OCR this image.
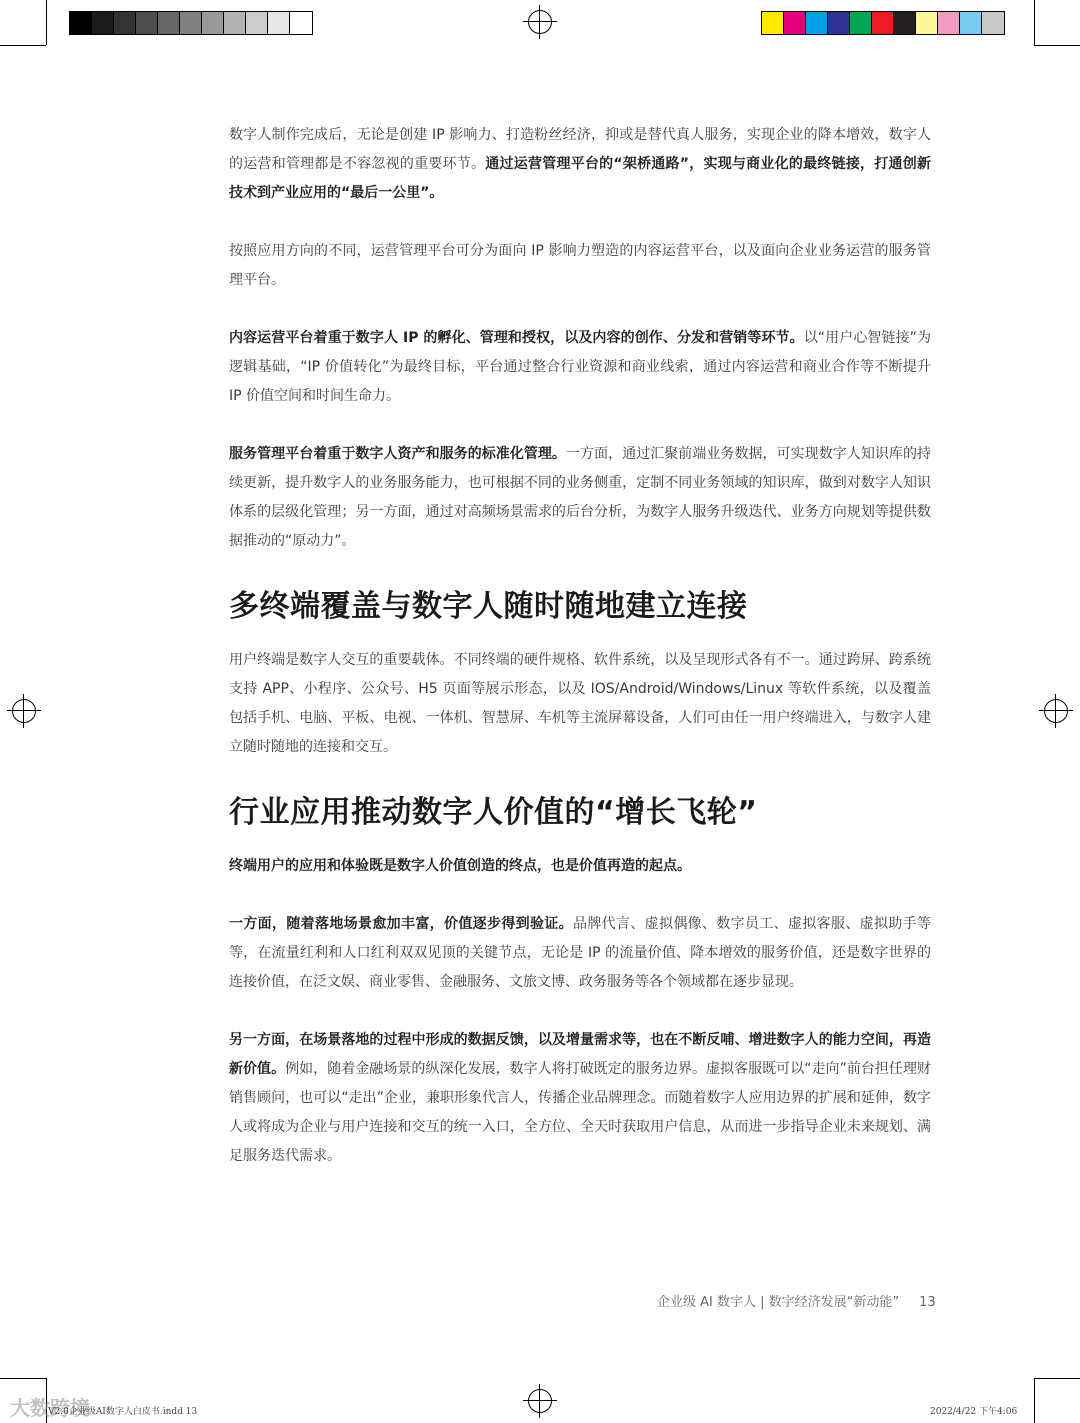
数字人制作完成后，无论是创建 IP 影响力、打造粉丝经济，抑或是替代真人服务，实现企业的降本增效，数字人的运营和管理都是不容忽视的重要环节。通过运营管理平台的“架桥通路”，实现与商业化的最终链接，打通创新技术到产业应用的“最后一公里”。

按照应用方向的不同，运营管理平台可分为面向 IP 影响力塑造的内容运营平台，以及面向企业业务运营的服务管理平台。

内容运营平台着重于数字人 IP 的孵化、管理和授权，以及内容的创作、分发和营销等环节。以“用户心智链接”为逻辑基础，“IP 价值转化”为最终目标，平台通过整合行业资源和商业线索，通过内容运营和商业合作等不断提升 IP 价值空间和时间生命力。

服务管理平台着重于数字人资产和服务的标准化管理。一方面，通过汇聚前端业务数据，可实现数字人知识库的持续更新，提升数字人的业务服务能力，也可根据不同的业务侧重，定制不同业务领域的知识库，做到对数字人知识体系的层级化管理；另一方面，通过对高频场景需求的后台分析，为数字人服务升级迭代、业务方向规划等提供数据推动的“原动力”。

多终端覆盖与数字人随时随地建立连接

用户终端是数字人交互的重要载体。不同终端的硬件规格、软件系统，以及呈现形式各有不一。通过跨屏、跨系统支持 APP、小程序、公众号、H5 页面等展示形态，以及 IOS/Android/Windows/Linux 等软件系统，以及覆盖包括手机、电脑、平板、电视、一体机、智慧屏、车机等主流屏幕设备，人们可由任一用户终端进入，与数字人建立随时随地的连接和交互。

行业应用推动数字人价值的“增长飞轮”

终端用户的应用和体验既是数字人价值创造的终点，也是价值再造的起点。

一方面，随着落地场景愈加丰富，价值逐步得到验证。品牌代言、虚拟偶像、数字员工、虚拟客服、虚拟助手等等，在流量红利和人口红利双双见顶的关键节点，无论是 IP 的流量价值、降本增效的服务价值，还是数字世界的连接价值，在泛文娱、商业零售、金融服务、文旅文博、政务服务等各个领域都在逐步显现。

另一方面，在场景落地的过程中形成的数据反馈，以及增量需求等，也在不断反哺、增进数字人的能力空间，再造新价值。例如，随着金融场景的纵深化发展，数字人将打破既定的服务边界。虚拟客服既可以“走向”前台担任理财销售顾问，也可以“走出”企业，兼职形象代言人，传播企业品牌理念。而随着数字人应用边界的扩展和延伸，数字人或将成为企业与用户连接和交互的统一入口，全方位、全天时获取用户信息，从而进一步指导企业未来规划、满足服务迭代需求。

企业级 AI 数字人 | 数字经济发展“新动能” 13
大数跨境
V2.0企业级AI数字人白皮书.indd 13	2022/4/22 下午4:06
